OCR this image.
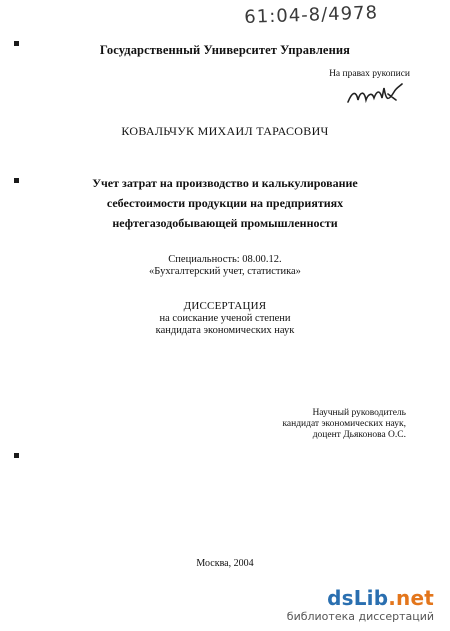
61:04-8/4978
Государственный Университет Управления
На правах рукописи
КОВАЛЬЧУК МИХАИЛ ТАРАСОВИЧ
Учет затрат на производство и калькулирование
себестоимости продукции на предприятиях
нефтегазодобывающей промышленности
Специальность: 08.00.12.
«Бухгалтерский учет, статистика»
ДИССЕРТАЦИЯ
на соискание ученой степени
кандидата экономических наук
Научный руководитель
кандидат экономических наук,
доцент Дьяконова О.С.
Москва, 2004
dsLib.net
библиотека диссертаций
